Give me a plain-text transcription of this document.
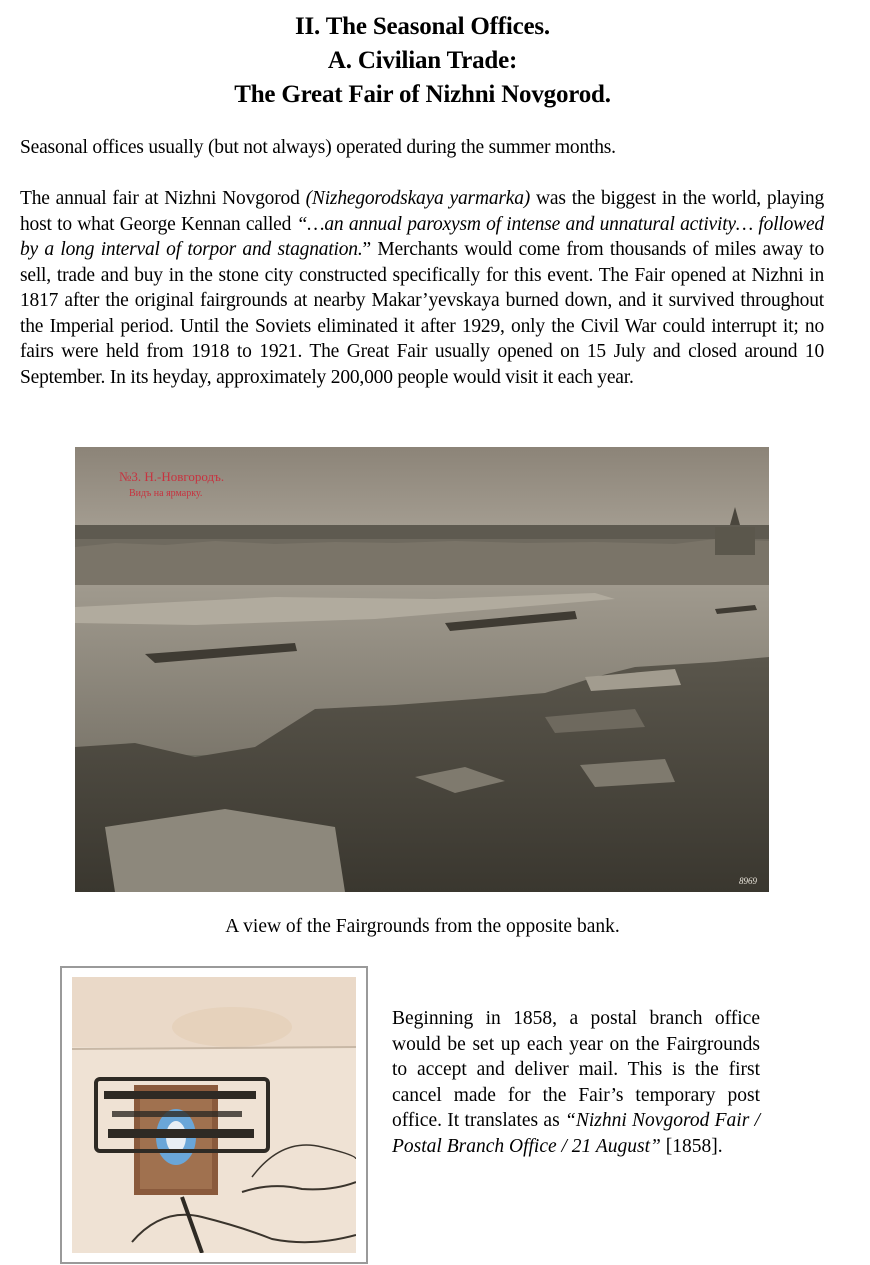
II. The Seasonal Offices.
A. Civilian Trade:
The Great Fair of Nizhni Novgorod.
Seasonal offices usually (but not always) operated during the summer months.
The annual fair at Nizhni Novgorod (Nizhegorodskaya yarmarka) was the biggest in the world, playing host to what George Kennan called “…an annual paroxysm of intense and unnatural activity… followed by a long interval of torpor and stagnation.” Merchants would come from thousands of miles away to sell, trade and buy in the stone city constructed specifically for this event. The Fair opened at Nizhni in 1817 after the original fairgrounds at nearby Makar’yevskaya burned down, and it survived throughout the Imperial period. Until the Soviets eliminated it after 1929, only the Civil War could interrupt it; no fairs were held from 1918 to 1921. The Great Fair usually opened on 15 July and closed around 10 September. In its heyday, approximately 200,000 people would visit it each year.
№3. Н.-Новгородъ.
Видъ на ярмарку.
8969
A view of the Fairgrounds from the opposite bank.
Beginning in 1858, a postal branch office would be set up each year on the Fairgrounds to accept and deliver mail. This is the first cancel made for the Fair’s temporary post office. It translates as “Nizhni Novgorod Fair / Postal Branch Office / 21 August” [1858].
